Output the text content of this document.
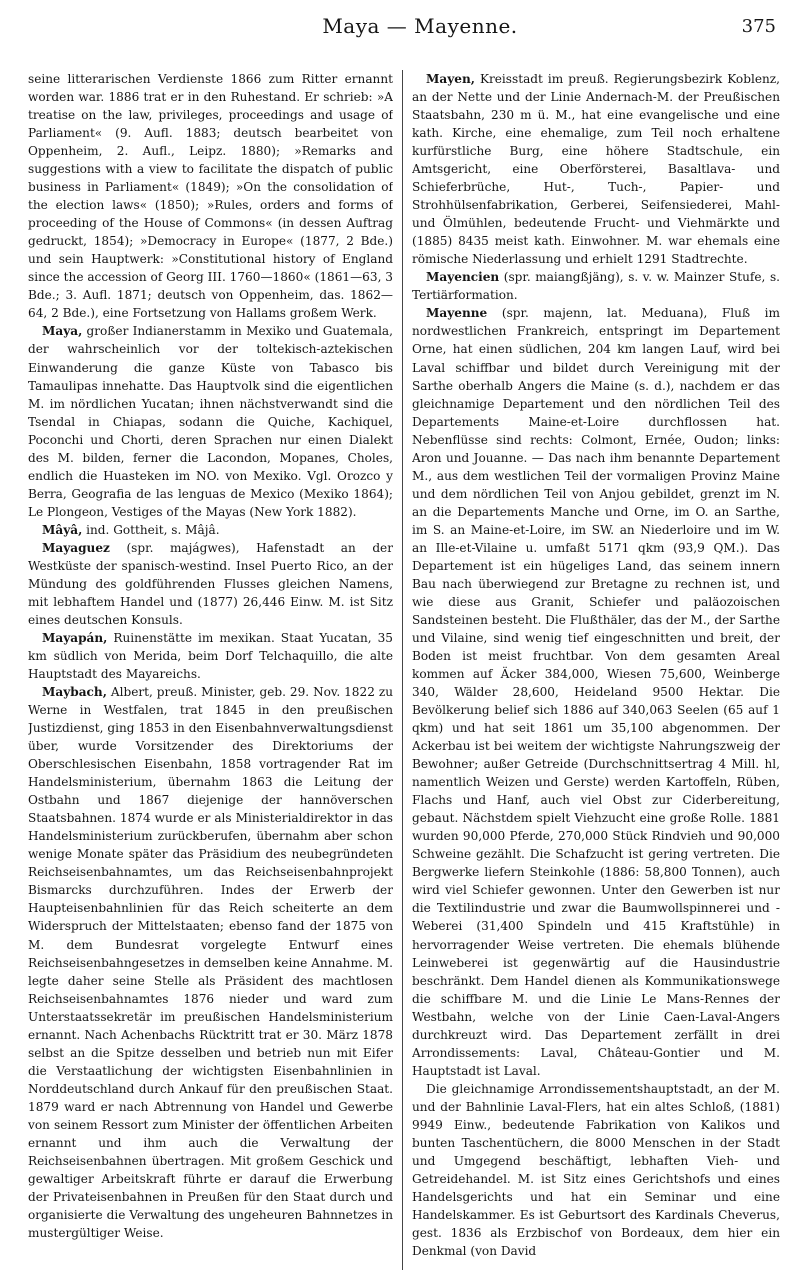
Maya — Mayenne.	375

seine litterarischen Verdienste 1866 zum Ritter ernannt worden war. 1886 trat er in den Ruhestand. Er schrieb: »A treatise on the law, privileges, proceedings and usage of Parliament« (9. Aufl. 1883; deutsch bearbeitet von Oppenheim, 2. Aufl., Leipz. 1880); »Remarks and suggestions with a view to facilitate the dispatch of public business in Parliament« (1849); »On the consolidation of the election laws« (1850); »Rules, orders and forms of proceeding of the House of Commons« (in dessen Auftrag gedruckt, 1854); »Democracy in Europe« (1877, 2 Bde.) und sein Hauptwerk: »Constitutional history of England since the accession of Georg III. 1760—1860« (1861—63, 3 Bde.; 3. Aufl. 1871; deutsch von Oppenheim, das. 1862—64, 2 Bde.), eine Fortsetzung von Hallams großem Werk.

Maya, großer Indianerstamm in Mexiko und Guatemala, der wahrscheinlich vor der toltekisch-aztekischen Einwanderung die ganze Küste von Tabasco bis Tamaulipas innehatte. Das Hauptvolk sind die eigentlichen M. im nördlichen Yucatan; ihnen nächstverwandt sind die Tsendal in Chiapas, sodann die Quiche, Kachiquel, Poconchi und Chorti, deren Sprachen nur einen Dialekt des M. bilden, ferner die Lacondon, Mopanes, Choles, endlich die Huasteken im NO. von Mexiko. Vgl. Orozco y Berra, Geografia de las lenguas de Mexico (Mexiko 1864); Le Plongeon, Vestiges of the Mayas (New York 1882).

Mâyâ, ind. Gottheit, s. Mâjâ.

Mayaguez (spr. majágwes), Hafenstadt an der Westküste der spanisch-westind. Insel Puerto Rico, an der Mündung des goldführenden Flusses gleichen Namens, mit lebhaftem Handel und (1877) 26,446 Einw. M. ist Sitz eines deutschen Konsuls.

Mayapán, Ruinenstätte im mexikan. Staat Yucatan, 35 km südlich von Merida, beim Dorf Telchaquillo, die alte Hauptstadt des Mayareichs.

Maybach, Albert, preuß. Minister, geb. 29. Nov. 1822 zu Werne in Westfalen, trat 1845 in den preußischen Justizdienst, ging 1853 in den Eisenbahnverwaltungsdienst über, wurde Vorsitzender des Direktoriums der Oberschlesischen Eisenbahn, 1858 vortragender Rat im Handelsministerium, übernahm 1863 die Leitung der Ostbahn und 1867 diejenige der hannöverschen Staatsbahnen. 1874 wurde er als Ministerialdirektor in das Handelsministerium zurückberufen, übernahm aber schon wenige Monate später das Präsidium des neubegründeten Reichseisenbahnamtes, um das Reichseisenbahnprojekt Bismarcks durchzuführen. Indes der Erwerb der Haupteisenbahnlinien für das Reich scheiterte an dem Widerspruch der Mittelstaaten; ebenso fand der 1875 von M. dem Bundesrat vorgelegte Entwurf eines Reichseisenbahngesetzes in demselben keine Annahme. M. legte daher seine Stelle als Präsident des machtlosen Reichseisenbahnamtes 1876 nieder und ward zum Unterstaatssekretär im preußischen Handelsministerium ernannt. Nach Achenbachs Rücktritt trat er 30. März 1878 selbst an die Spitze desselben und betrieb nun mit Eifer die Verstaatlichung der wichtigsten Eisenbahnlinien in Norddeutschland durch Ankauf für den preußischen Staat. 1879 ward er nach Abtrennung von Handel und Gewerbe von seinem Ressort zum Minister der öffentlichen Arbeiten ernannt und ihm auch die Verwaltung der Reichseisenbahnen übertragen. Mit großem Geschick und gewaltiger Arbeitskraft führte er darauf die Erwerbung der Privateisenbahnen in Preußen für den Staat durch und organisierte die Verwaltung des ungeheuren Bahnnetzes in mustergültiger Weise.

Mayen, Kreisstadt im preuß. Regierungsbezirk Koblenz, an der Nette und der Linie Andernach-M. der Preußischen Staatsbahn, 230 m ü. M., hat eine evangelische und eine kath. Kirche, eine ehemalige, zum Teil noch erhaltene kurfürstliche Burg, eine höhere Stadtschule, ein Amtsgericht, eine Oberförsterei, Basaltlava- und Schieferbrüche, Hut-, Tuch-, Papier- und Strohhülsenfabrikation, Gerberei, Seifensiederei, Mahl- und Ölmühlen, bedeutende Frucht- und Viehmärkte und (1885) 8435 meist kath. Einwohner. M. war ehemals eine römische Niederlassung und erhielt 1291 Stadtrechte.

Mayencien (spr. maiangßjäng), s. v. w. Mainzer Stufe, s. Tertiärformation.

Mayenne (spr. majenn, lat. Meduana), Fluß im nordwestlichen Frankreich, entspringt im Departement Orne, hat einen südlichen, 204 km langen Lauf, wird bei Laval schiffbar und bildet durch Vereinigung mit der Sarthe oberhalb Angers die Maine (s. d.), nachdem er das gleichnamige Departement und den nördlichen Teil des Departements Maine-et-Loire durchflossen hat. Nebenflüsse sind rechts: Colmont, Ernée, Oudon; links: Aron und Jouanne. — Das nach ihm benannte Departement M., aus dem westlichen Teil der vormaligen Provinz Maine und dem nördlichen Teil von Anjou gebildet, grenzt im N. an die Departements Manche und Orne, im O. an Sarthe, im S. an Maine-et-Loire, im SW. an Niederloire und im W. an Ille-et-Vilaine u. umfaßt 5171 qkm (93,9 QM.). Das Departement ist ein hügeliges Land, das seinem innern Bau nach überwiegend zur Bretagne zu rechnen ist, und wie diese aus Granit, Schiefer und paläozoischen Sandsteinen besteht. Die Flußthäler, das der M., der Sarthe und Vilaine, sind wenig tief eingeschnitten und breit, der Boden ist meist fruchtbar. Von dem gesamten Areal kommen auf Äcker 384,000, Wiesen 75,600, Weinberge 340, Wälder 28,600, Heideland 9500 Hektar. Die Bevölkerung belief sich 1886 auf 340,063 Seelen (65 auf 1 qkm) und hat seit 1861 um 35,100 abgenommen. Der Ackerbau ist bei weitem der wichtigste Nahrungszweig der Bewohner; außer Getreide (Durchschnittsertrag 4 Mill. hl, namentlich Weizen und Gerste) werden Kartoffeln, Rüben, Flachs und Hanf, auch viel Obst zur Ciderbereitung, gebaut. Nächstdem spielt Viehzucht eine große Rolle. 1881 wurden 90,000 Pferde, 270,000 Stück Rindvieh und 90,000 Schweine gezählt. Die Schafzucht ist gering vertreten. Die Bergwerke liefern Steinkohle (1886: 58,800 Tonnen), auch wird viel Schiefer gewonnen. Unter den Gewerben ist nur die Textilindustrie und zwar die Baumwollspinnerei und -Weberei (31,400 Spindeln und 415 Kraftstühle) in hervorragender Weise vertreten. Die ehemals blühende Leinweberei ist gegenwärtig auf die Hausindustrie beschränkt. Dem Handel dienen als Kommunikationswege die schiffbare M. und die Linie Le Mans-Rennes der Westbahn, welche von der Linie Caen-Laval-Angers durchkreuzt wird. Das Departement zerfällt in drei Arrondissements: Laval, Château-Gontier und M. Hauptstadt ist Laval.

Die gleichnamige Arrondissementshauptstadt, an der M. und der Bahnlinie Laval-Flers, hat ein altes Schloß, (1881) 9949 Einw., bedeutende Fabrikation von Kalikos und bunten Taschentüchern, die 8000 Menschen in der Stadt und Umgegend beschäftigt, lebhaften Vieh- und Getreidehandel. M. ist Sitz eines Gerichtshofs und eines Handelsgerichts und hat ein Seminar und eine Handelskammer. Es ist Geburtsort des Kardinals Cheverus, gest. 1836 als Erzbischof von Bordeaux, dem hier ein Denkmal (von David
